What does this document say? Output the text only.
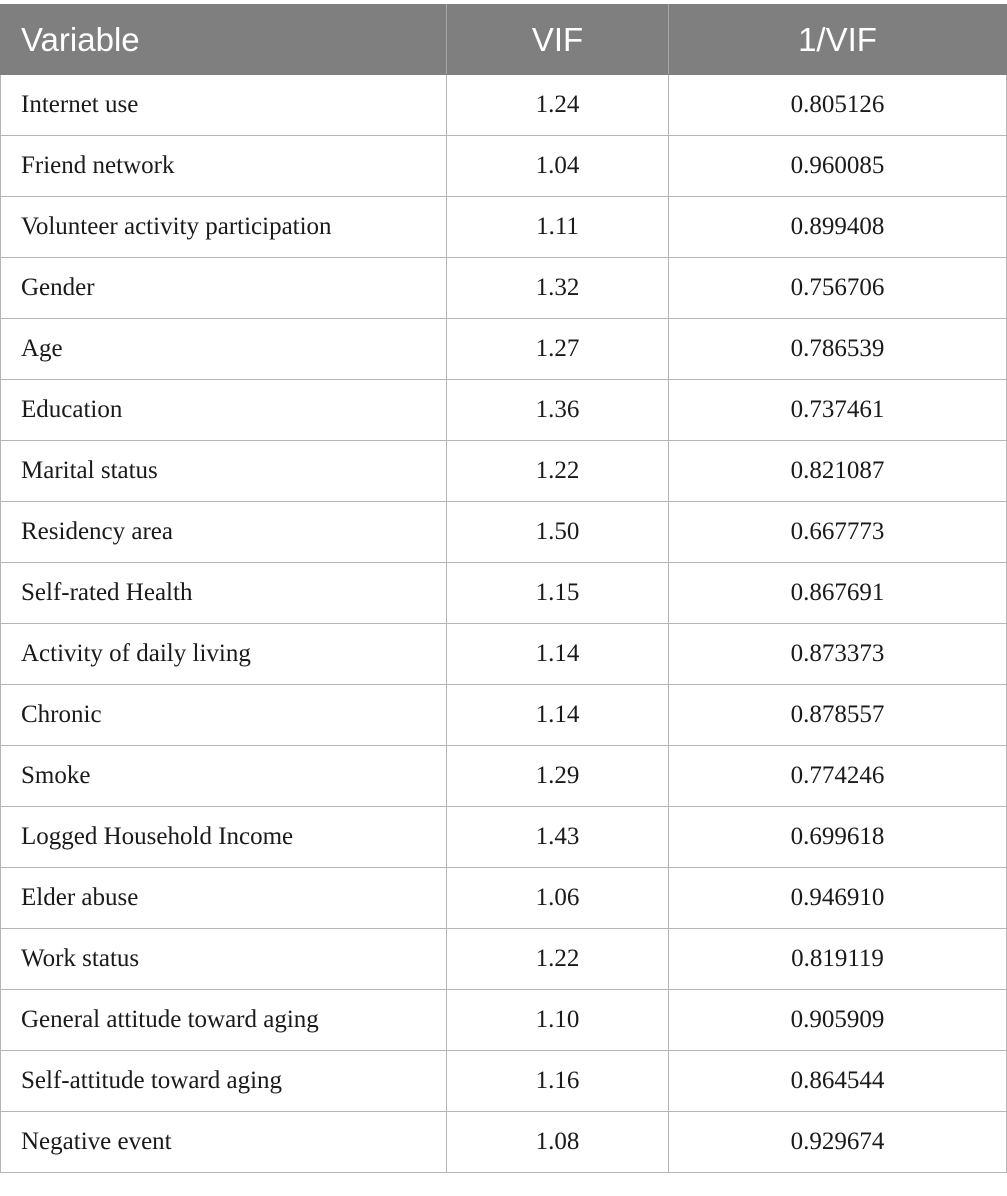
Variable	VIF	1/VIF
Internet use	1.24	0.805126
Friend network	1.04	0.960085
Volunteer activity participation	1.11	0.899408
Gender	1.32	0.756706
Age	1.27	0.786539
Education	1.36	0.737461
Marital status	1.22	0.821087
Residency area	1.50	0.667773
Self-rated Health	1.15	0.867691
Activity of daily living	1.14	0.873373
Chronic	1.14	0.878557
Smoke	1.29	0.774246
Logged Household Income	1.43	0.699618
Elder abuse	1.06	0.946910
Work status	1.22	0.819119
General attitude toward aging	1.10	0.905909
Self-attitude toward aging	1.16	0.864544
Negative event	1.08	0.929674
